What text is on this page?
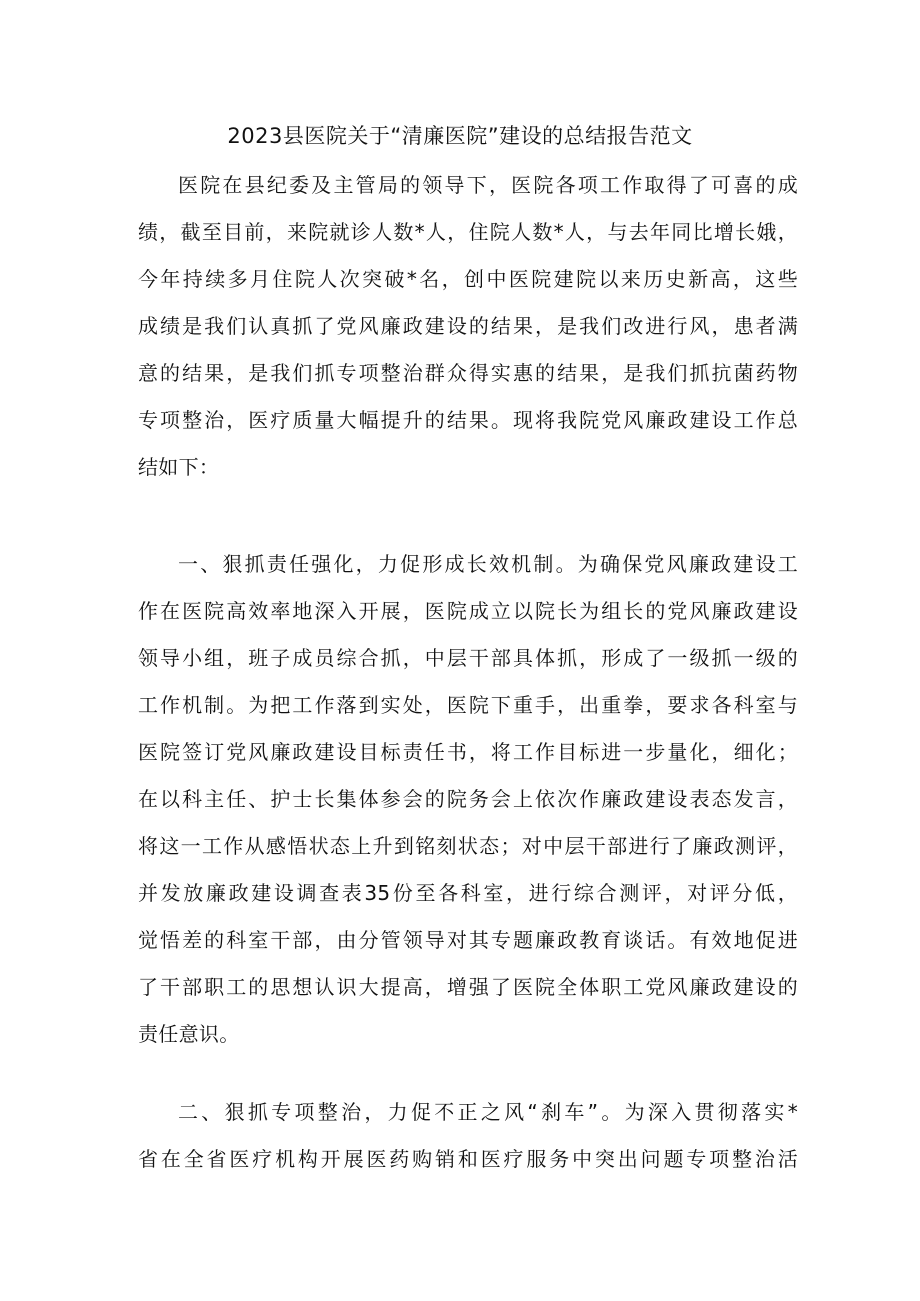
2023县医院关于“清廉医院”建设的总结报告范文

医院在县纪委及主管局的领导下，医院各项工作取得了可喜的成
绩，截至目前，来院就诊人数*人，住院人数*人，与去年同比增长娥，
今年持续多月住院人次突破*名，创中医院建院以来历史新高，这些
成绩是我们认真抓了党风廉政建设的结果，是我们改进行风，患者满
意的结果，是我们抓专项整治群众得实惠的结果，是我们抓抗菌药物
专项整治，医疗质量大幅提升的结果。现将我院党风廉政建设工作总
结如下：

一、狠抓责任强化，力促形成长效机制。为确保党风廉政建设工
作在医院高效率地深入开展，医院成立以院长为组长的党风廉政建设
领导小组，班子成员综合抓，中层干部具体抓，形成了一级抓一级的
工作机制。为把工作落到实处，医院下重手，出重拳，要求各科室与
医院签订党风廉政建设目标责任书，将工作目标进一步量化，细化；
在以科主任、护士长集体参会的院务会上依次作廉政建设表态发言，
将这一工作从感悟状态上升到铭刻状态；对中层干部进行了廉政测评，
并发放廉政建设调查表35份至各科室，进行综合测评，对评分低，
觉悟差的科室干部，由分管领导对其专题廉政教育谈话。有效地促进
了干部职工的思想认识大提高，增强了医院全体职工党风廉政建设的
责任意识。

二、狠抓专项整治，力促不正之风“刹车”。为深入贯彻落实*
省在全省医疗机构开展医药购销和医疗服务中突出问题专项整治活
